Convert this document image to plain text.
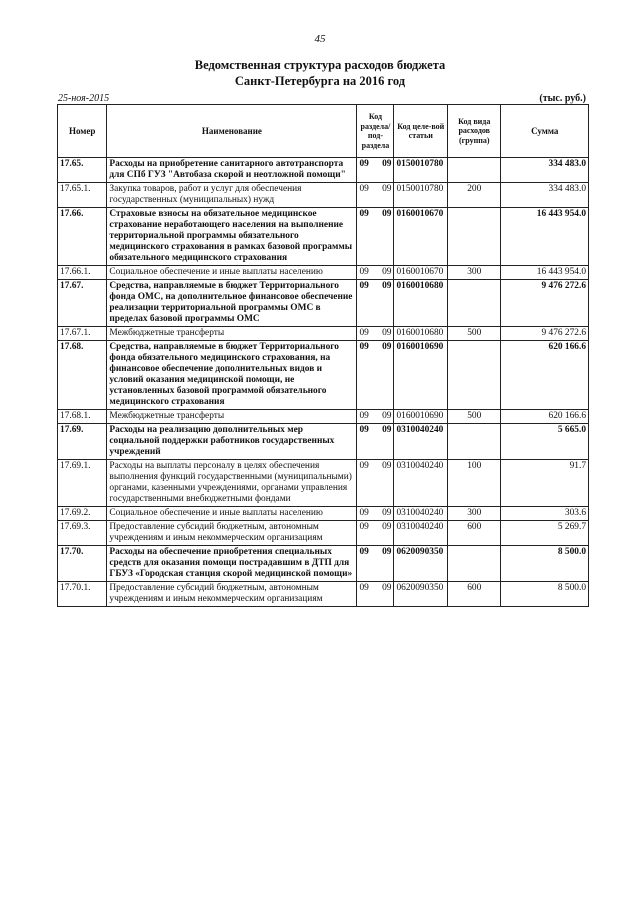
45
Ведомственная структура расходов бюджета
Санкт-Петербурга на 2016 год
25-ноя-2015	(тыс. руб.)
Номер	Наименование	Код раздела/ под-раздела	Код целе-вой статьи	Код вида расходов (группа)	Сумма
17.65.	Расходы на приобретение санитарного автотранспорта для СПб ГУЗ "Автобаза скорой и неотложной помощи"	09 09	0150010780		334 483.0
17.65.1.	Закупка товаров, работ и услуг для обеспечения государственных (муниципальных) нужд	09 09	0150010780	200	334 483.0
17.66.	Страховые взносы на обязательное медицинское страхование неработающего населения на выполнение территориальной программы обязательного медицинского страхования в рамках базовой программы обязательного медицинского страхования	09 09	0160010670		16 443 954.0
17.66.1.	Социальное обеспечение и иные выплаты населению	09 09	0160010670	300	16 443 954.0
17.67.	Средства, направляемые в бюджет Территориального фонда ОМС, на дополнительное финансовое обеспечение реализации территориальной программы ОМС в пределах базовой программы ОМС	09 09	0160010680		9 476 272.6
17.67.1.	Межбюджетные трансферты	09 09	0160010680	500	9 476 272.6
17.68.	Средства, направляемые в бюджет Территориального фонда обязательного медицинского страхования, на финансовое обеспечение дополнительных видов и условий оказания медицинской помощи, не установленных базовой программой обязательного медицинского страхования	09 09	0160010690		620 166.6
17.68.1.	Межбюджетные трансферты	09 09	0160010690	500	620 166.6
17.69.	Расходы на реализацию дополнительных мер социальной поддержки работников государственных учреждений	09 09	0310040240		5 665.0
17.69.1.	Расходы на выплаты персоналу в целях обеспечения выполнения функций государственными (муниципальными) органами, казенными учреждениями, органами управления государственными внебюджетными фондами	09 09	0310040240	100	91.7
17.69.2.	Социальное обеспечение и иные выплаты населению	09 09	0310040240	300	303.6
17.69.3.	Предоставление субсидий бюджетным, автономным учреждениям и иным некоммерческим организациям	09 09	0310040240	600	5 269.7
17.70.	Расходы на обеспечение приобретения специальных средств для оказания помощи пострадавшим в ДТП для ГБУЗ «Городская станция скорой медицинской помощи»	09 09	0620090350		8 500.0
17.70.1.	Предоставление субсидий бюджетным, автономным учреждениям и иным некоммерческим организациям	09 09	0620090350	600	8 500.0
